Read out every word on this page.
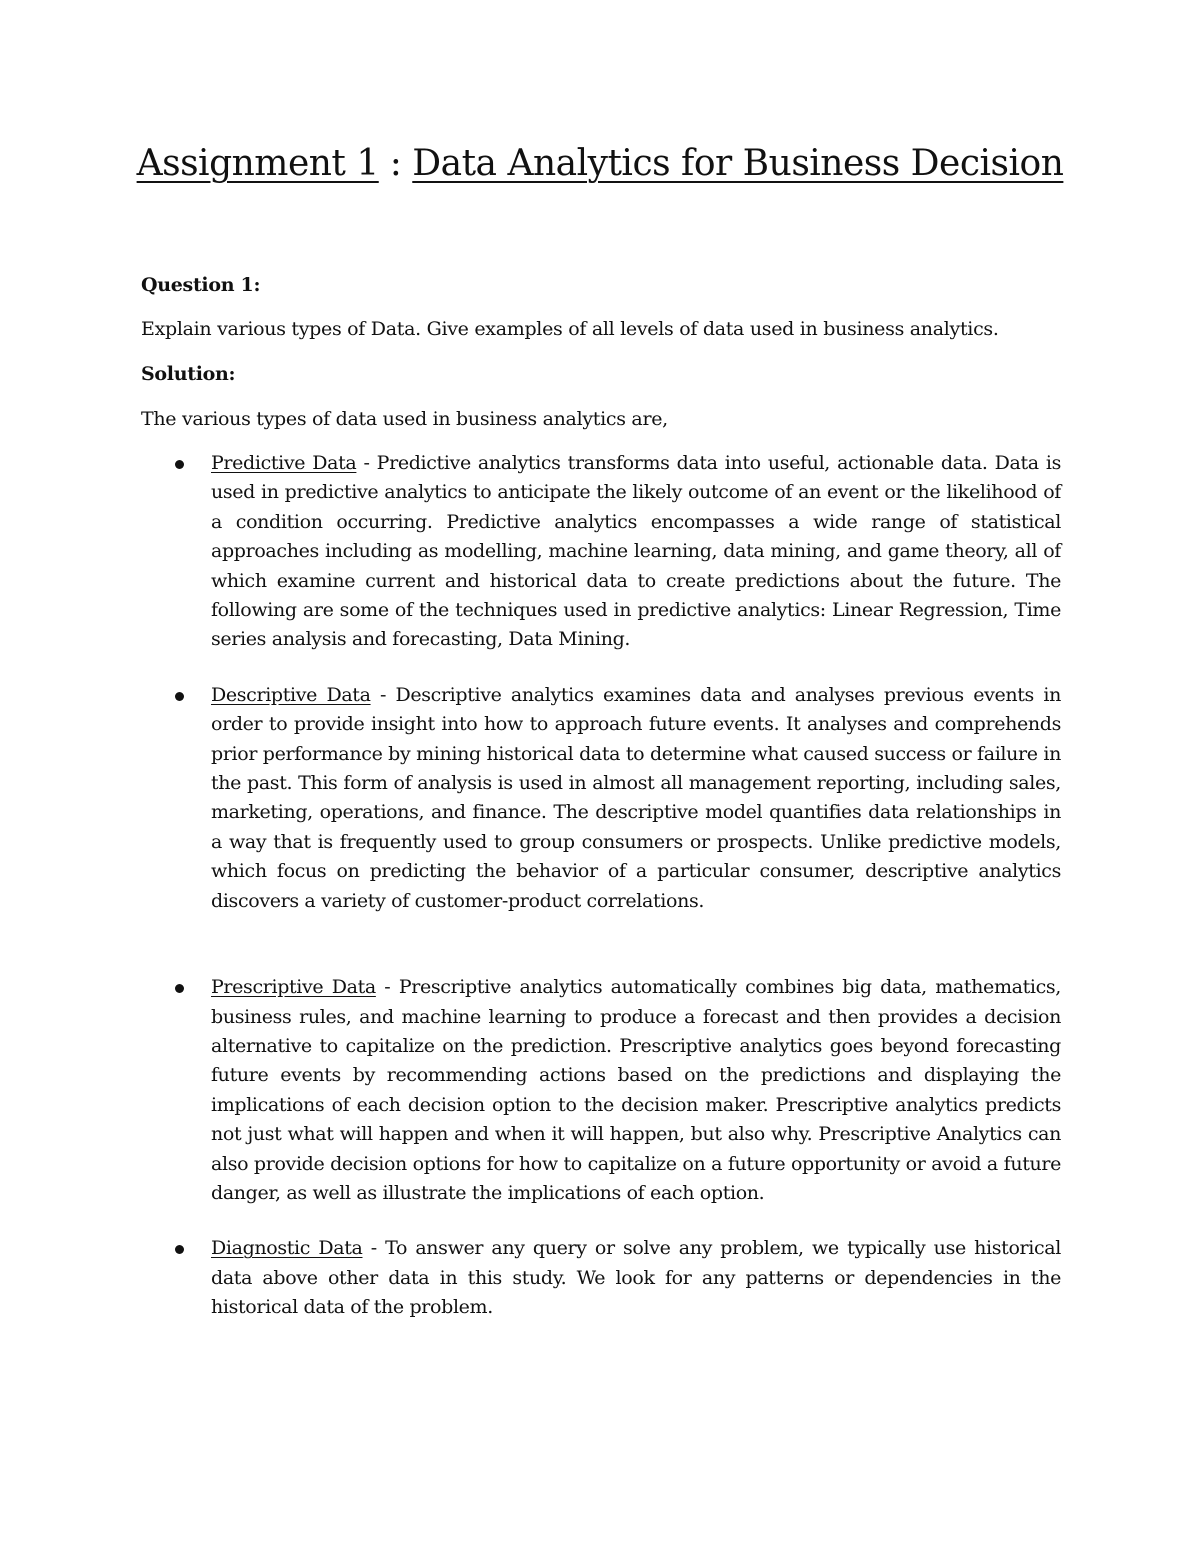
Assignment 1 : Data Analytics for Business Decision
Question 1:
Explain various types of Data. Give examples of all levels of data used in business analytics.
Solution:
The various types of data used in business analytics are,
Predictive Data - Predictive analytics transforms data into useful, actionable data. Data is used in predictive analytics to anticipate the likely outcome of an event or the likelihood of a condition occurring. Predictive analytics encompasses a wide range of statistical approaches including as modelling, machine learning, data mining, and game theory, all of which examine current and historical data to create predictions about the future. The following are some of the techniques used in predictive analytics: Linear Regression, Time series analysis and forecasting, Data Mining.
Descriptive Data - Descriptive analytics examines data and analyses previous events in order to provide insight into how to approach future events. It analyses and comprehends prior performance by mining historical data to determine what caused success or failure in the past. This form of analysis is used in almost all management reporting, including sales, marketing, operations, and finance. The descriptive model quantifies data relationships in a way that is frequently used to group consumers or prospects. Unlike predictive models, which focus on predicting the behavior of a particular consumer, descriptive analytics discovers a variety of customer-product correlations.
Prescriptive Data - Prescriptive analytics automatically combines big data, mathematics, business rules, and machine learning to produce a forecast and then provides a decision alternative to capitalize on the prediction. Prescriptive analytics goes beyond forecasting future events by recommending actions based on the predictions and displaying the implications of each decision option to the decision maker. Prescriptive analytics predicts not just what will happen and when it will happen, but also why. Prescriptive Analytics can also provide decision options for how to capitalize on a future opportunity or avoid a future danger, as well as illustrate the implications of each option.
Diagnostic Data - To answer any query or solve any problem, we typically use historical data above other data in this study. We look for any patterns or dependencies in the historical data of the problem.
